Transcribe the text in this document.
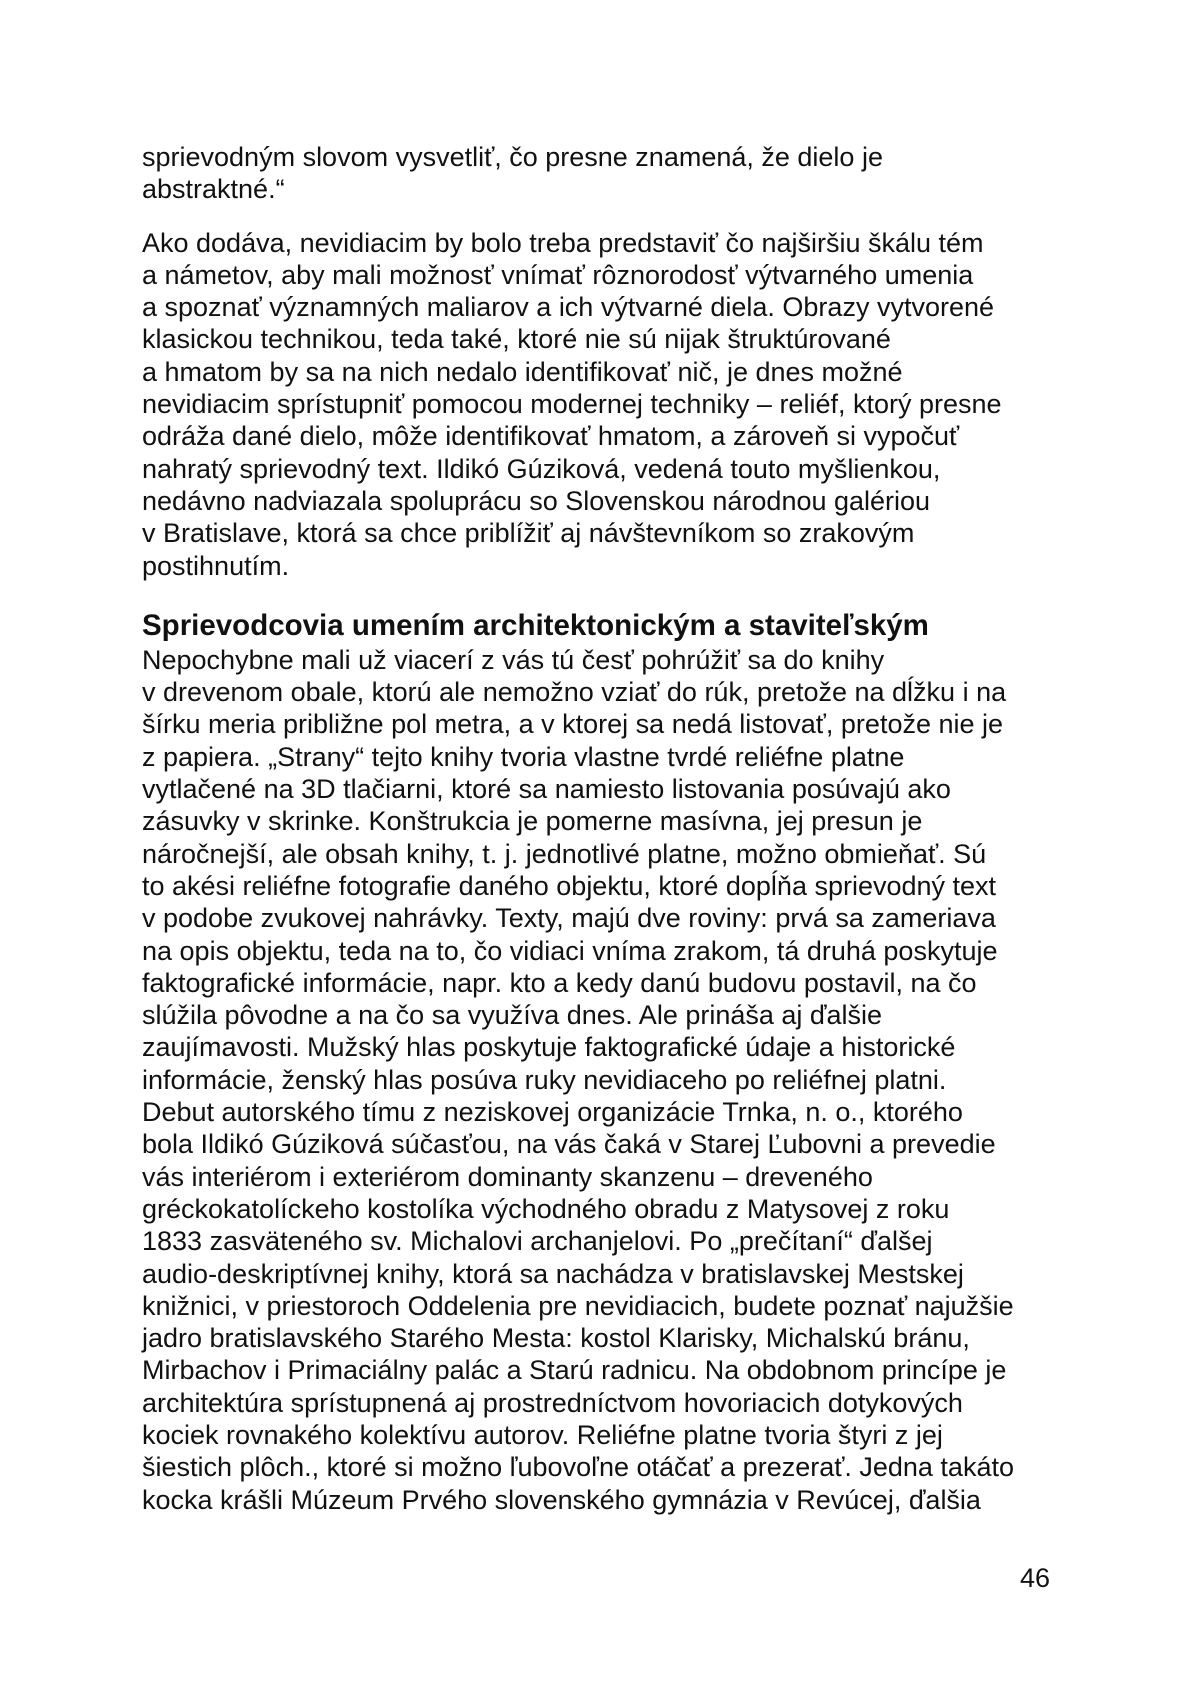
sprievodným slovom vysvetliť, čo presne znamená, že dielo je
abstraktné.“

Ako dodáva, nevidiacim by bolo treba predstaviť čo najširšiu škálu tém
a námetov, aby mali možnosť vnímať rôznorodosť výtvarného umenia
a spoznať významných maliarov a ich výtvarné diela. Obrazy vytvorené
klasickou technikou, teda také, ktoré nie sú nijak štruktúrované
a hmatom by sa na nich nedalo identifikovať nič, je dnes možné
nevidiacim sprístupniť pomocou modernej techniky – reliéf, ktorý presne
odráža dané dielo, môže identifikovať hmatom, a zároveň si vypočuť
nahratý sprievodný text. Ildikó Gúziková, vedená touto myšlienkou,
nedávno nadviazala spoluprácu so Slovenskou národnou galériou
v Bratislave, ktorá sa chce priblížiť aj návštevníkom so zrakovým
postihnutím.

Sprievodcovia umením architektonickým a staviteľským

Nepochybne mali už viacerí z vás tú česť pohrúžiť sa do knihy
v drevenom obale, ktorú ale nemožno vziať do rúk, pretože na dĺžku i na
šírku meria približne pol metra, a v ktorej sa nedá listovať, pretože nie je
z papiera. „Strany“ tejto knihy tvoria vlastne tvrdé reliéfne platne
vytlačené na 3D tlačiarni, ktoré sa namiesto listovania posúvajú ako
zásuvky v skrinke. Konštrukcia je pomerne masívna, jej presun je
náročnejší, ale obsah knihy, t. j. jednotlivé platne, možno obmieňať. Sú
to akési reliéfne fotografie daného objektu, ktoré dopĺňa sprievodný text
v podobe zvukovej nahrávky. Texty, majú dve roviny: prvá sa zameriava
na opis objektu, teda na to, čo vidiaci vníma zrakom, tá druhá poskytuje
faktografické informácie, napr. kto a kedy danú budovu postavil, na čo
slúžila pôvodne a na čo sa využíva dnes. Ale prináša aj ďalšie
zaujímavosti. Mužský hlas poskytuje faktografické údaje a historické
informácie, ženský hlas posúva ruky nevidiaceho po reliéfnej platni.
Debut autorského tímu z neziskovej organizácie Trnka, n. o., ktorého
bola Ildikó Gúziková súčasťou, na vás čaká v Starej Ľubovni a prevedie
vás interiérom i exteriérom dominanty skanzenu – dreveného
gréckokatolíckeho kostolíka východného obradu z Matysovej z roku
1833 zasväteného sv. Michalovi archanjelovi. Po „prečítaní“ ďalšej
audio-deskriptívnej knihy, ktorá sa nachádza v bratislavskej Mestskej
knižnici, v priestoroch Oddelenia pre nevidiacich, budete poznať najužšie
jadro bratislavského Starého Mesta: kostol Klarisky, Michalskú bránu,
Mirbachov i Primaciálny palác a Starú radnicu. Na obdobnom princípe je
architektúra sprístupnená aj prostredníctvom hovoriacich dotykových
kociek rovnakého kolektívu autorov. Reliéfne platne tvoria štyri z jej
šiestich plôch., ktoré si možno ľubovoľne otáčať a prezerať. Jedna takáto
kocka krášli Múzeum Prvého slovenského gymnázia v Revúcej, ďalšia

46
